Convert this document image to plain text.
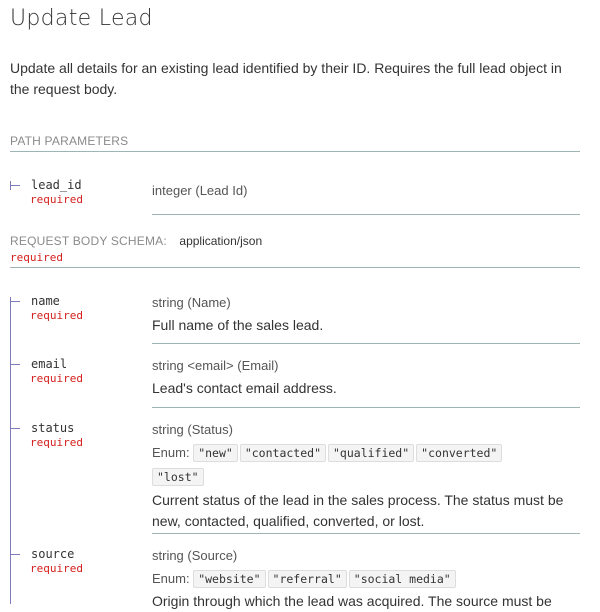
Update Lead
Update all details for an existing lead identified by their ID. Requires the full lead object in the request body.
PATH PARAMETERS
lead_id
required
integer (Lead Id)
REQUEST BODY SCHEMA: application/json
required
name
required
string (Name)
Full name of the sales lead.
email
required
string <email> (Email)
Lead's contact email address.
status
required
string (Status)
Enum: "new" "contacted" "qualified" "converted"
"lost"
Current status of the lead in the sales process. The status must be new, contacted, qualified, converted, or lost.
source
required
string (Source)
Enum: "website" "referral" "social media"
Origin through which the lead was acquired. The source must be
